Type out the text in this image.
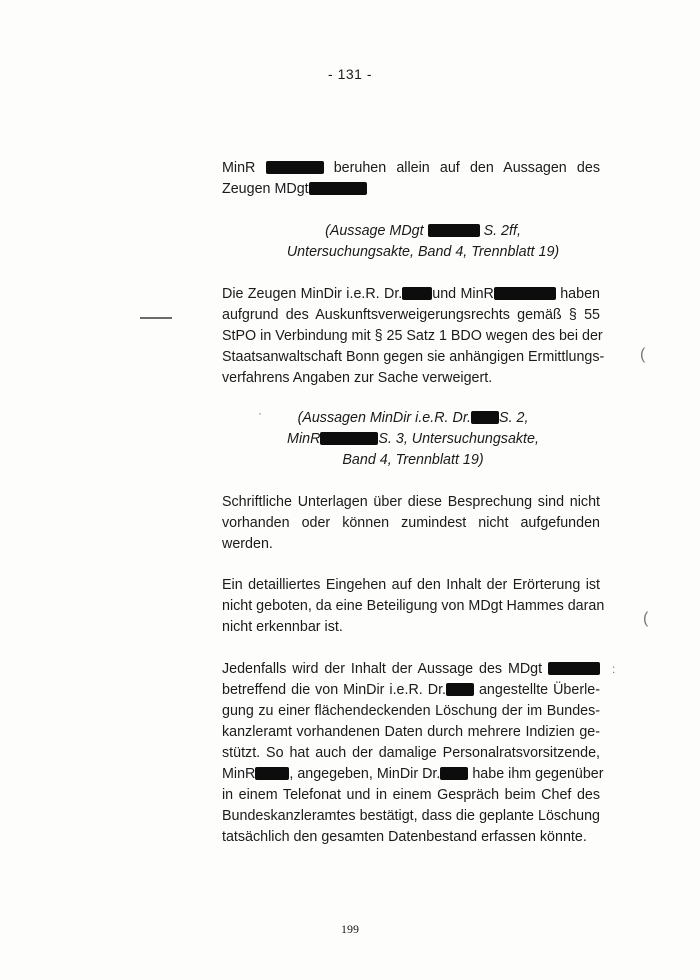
- 131 -
MinR	beruhen allein auf den Aussagen des
Zeugen MDgt
(Aussage MDgt	S. 2ff,
Untersuchungsakte, Band 4, Trennblatt 19)
Die Zeugen MinDir i.e.R. Dr. und MinR	haben
aufgrund des Auskunftsverweigerungsrechts gemäß § 55
StPO in Verbindung mit § 25 Satz 1 BDO wegen des bei der
Staatsanwaltschaft Bonn gegen sie anhängigen Ermittlungs-
verfahrens Angaben zur Sache verweigert.
(Aussagen MinDir i.e.R. Dr. S. 2,
MinR	S. 3, Untersuchungsakte,
Band 4, Trennblatt 19)
Schriftliche Unterlagen über diese Besprechung sind nicht
vorhanden oder können zumindest nicht aufgefunden
werden.
Ein detailliertes Eingehen auf den Inhalt der Erörterung ist
nicht geboten, da eine Beteiligung von MDgt Hammes daran
nicht erkennbar ist.
Jedenfalls wird der Inhalt der Aussage des MDgt
betreffend die von MinDir i.e.R. Dr. angestellte Überle-
gung zu einer flächendeckenden Löschung der im Bundes-
kanzleramt vorhandenen Daten durch mehrere Indizien ge-
stützt. So hat auch der damalige Personalratsvorsitzende,
MinR , angegeben, MinDir Dr. habe ihm gegenüber
in einem Telefonat und in einem Gespräch beim Chef des
Bundeskanzleramtes bestätigt, dass die geplante Löschung
tatsächlich den gesamten Datenbestand erfassen könnte.
(
(
:
·
199
